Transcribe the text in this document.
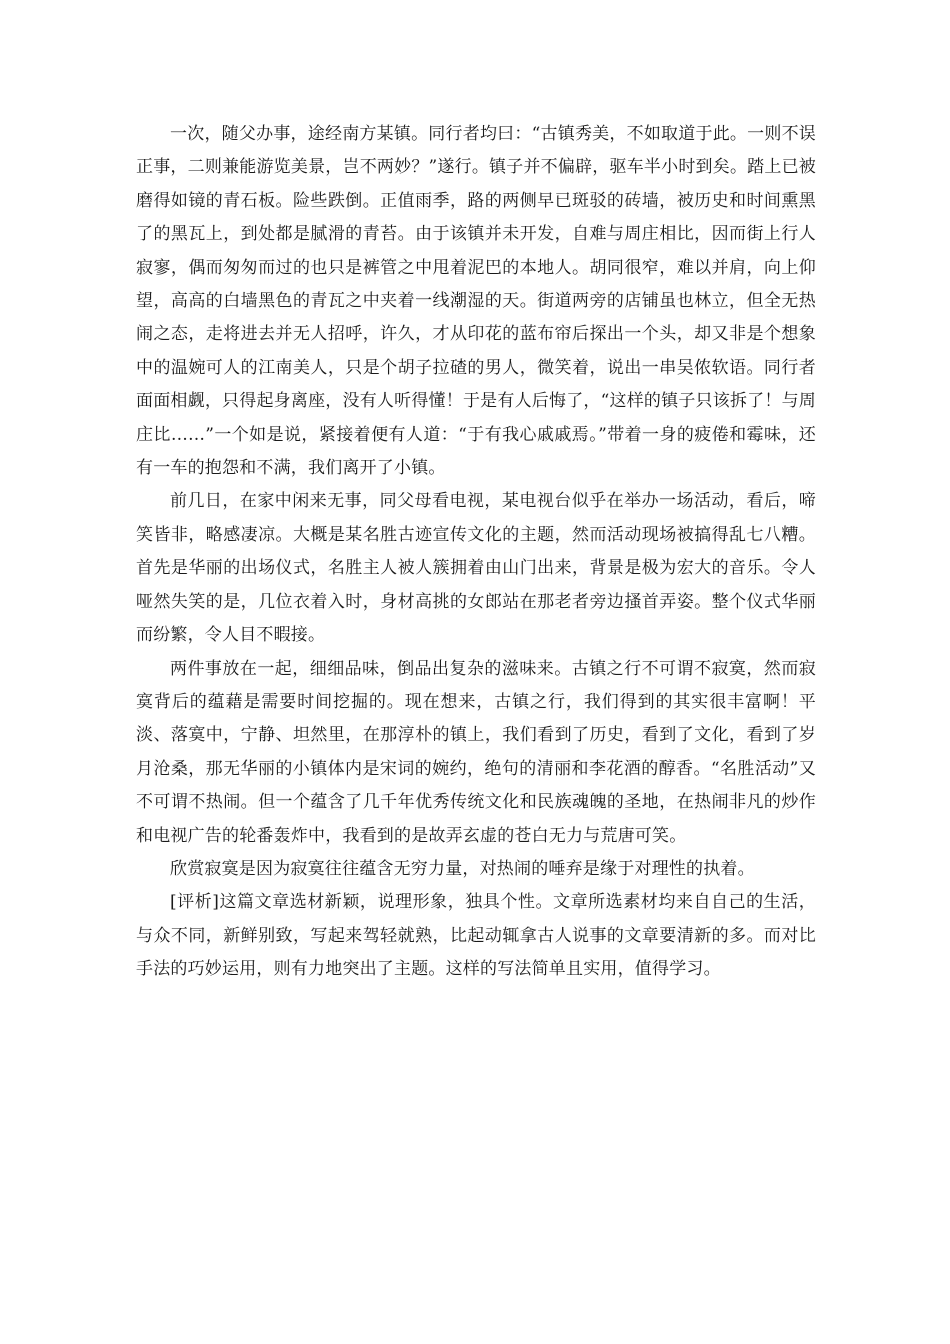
一次，随父办事，途经南方某镇。同行者均曰：“古镇秀美，不如取道于此。一则不误正事，二则兼能游览美景，岂不两妙？”遂行。镇子并不偏辟，驱车半小时到矣。踏上已被磨得如镜的青石板。险些跌倒。正值雨季，路的两侧早已斑驳的砖墙，被历史和时间熏黑了的黑瓦上，到处都是腻滑的青苔。由于该镇并未开发，自难与周庄相比，因而街上行人寂寥，偶而匆匆而过的也只是裤管之中甩着泥巴的本地人。胡同很窄，难以并肩，向上仰望，高高的白墙黑色的青瓦之中夹着一线潮湿的天。街道两旁的店铺虽也林立，但全无热闹之态，走将进去并无人招呼，许久，才从印花的蓝布帘后探出一个头，却又非是个想象中的温婉可人的江南美人，只是个胡子拉碴的男人，微笑着，说出一串吴侬软语。同行者面面相觑，只得起身离座，没有人听得懂！于是有人后悔了，“这样的镇子只该拆了！与周庄比……”一个如是说，紧接着便有人道：“于有我心戚戚焉。”带着一身的疲倦和霉味，还有一车的抱怨和不满，我们离开了小镇。

前几日，在家中闲来无事，同父母看电视，某电视台似乎在举办一场活动，看后，啼笑皆非，略感凄凉。大概是某名胜古迹宣传文化的主题，然而活动现场被搞得乱七八糟。首先是华丽的出场仪式，名胜主人被人簇拥着由山门出来，背景是极为宏大的音乐。令人哑然失笑的是，几位衣着入时，身材高挑的女郎站在那老者旁边搔首弄姿。整个仪式华丽而纷繁，令人目不暇接。

两件事放在一起，细细品味，倒品出复杂的滋味来。古镇之行不可谓不寂寞，然而寂寞背后的蕴藉是需要时间挖掘的。现在想来，古镇之行，我们得到的其实很丰富啊！平淡、落寞中，宁静、坦然里，在那淳朴的镇上，我们看到了历史，看到了文化，看到了岁月沧桑，那无华丽的小镇体内是宋词的婉约，绝句的清丽和李花酒的醇香。“名胜活动”又不可谓不热闹。但一个蕴含了几千年优秀传统文化和民族魂魄的圣地，在热闹非凡的炒作和电视广告的轮番轰炸中，我看到的是故弄玄虚的苍白无力与荒唐可笑。

欣赏寂寞是因为寂寞往往蕴含无穷力量，对热闹的唾弃是缘于对理性的执着。

[评析]这篇文章选材新颖，说理形象，独具个性。文章所选素材均来自自己的生活，与众不同，新鲜别致，写起来驾轻就熟，比起动辄拿古人说事的文章要清新的多。而对比手法的巧妙运用，则有力地突出了主题。这样的写法简单且实用，值得学习。
